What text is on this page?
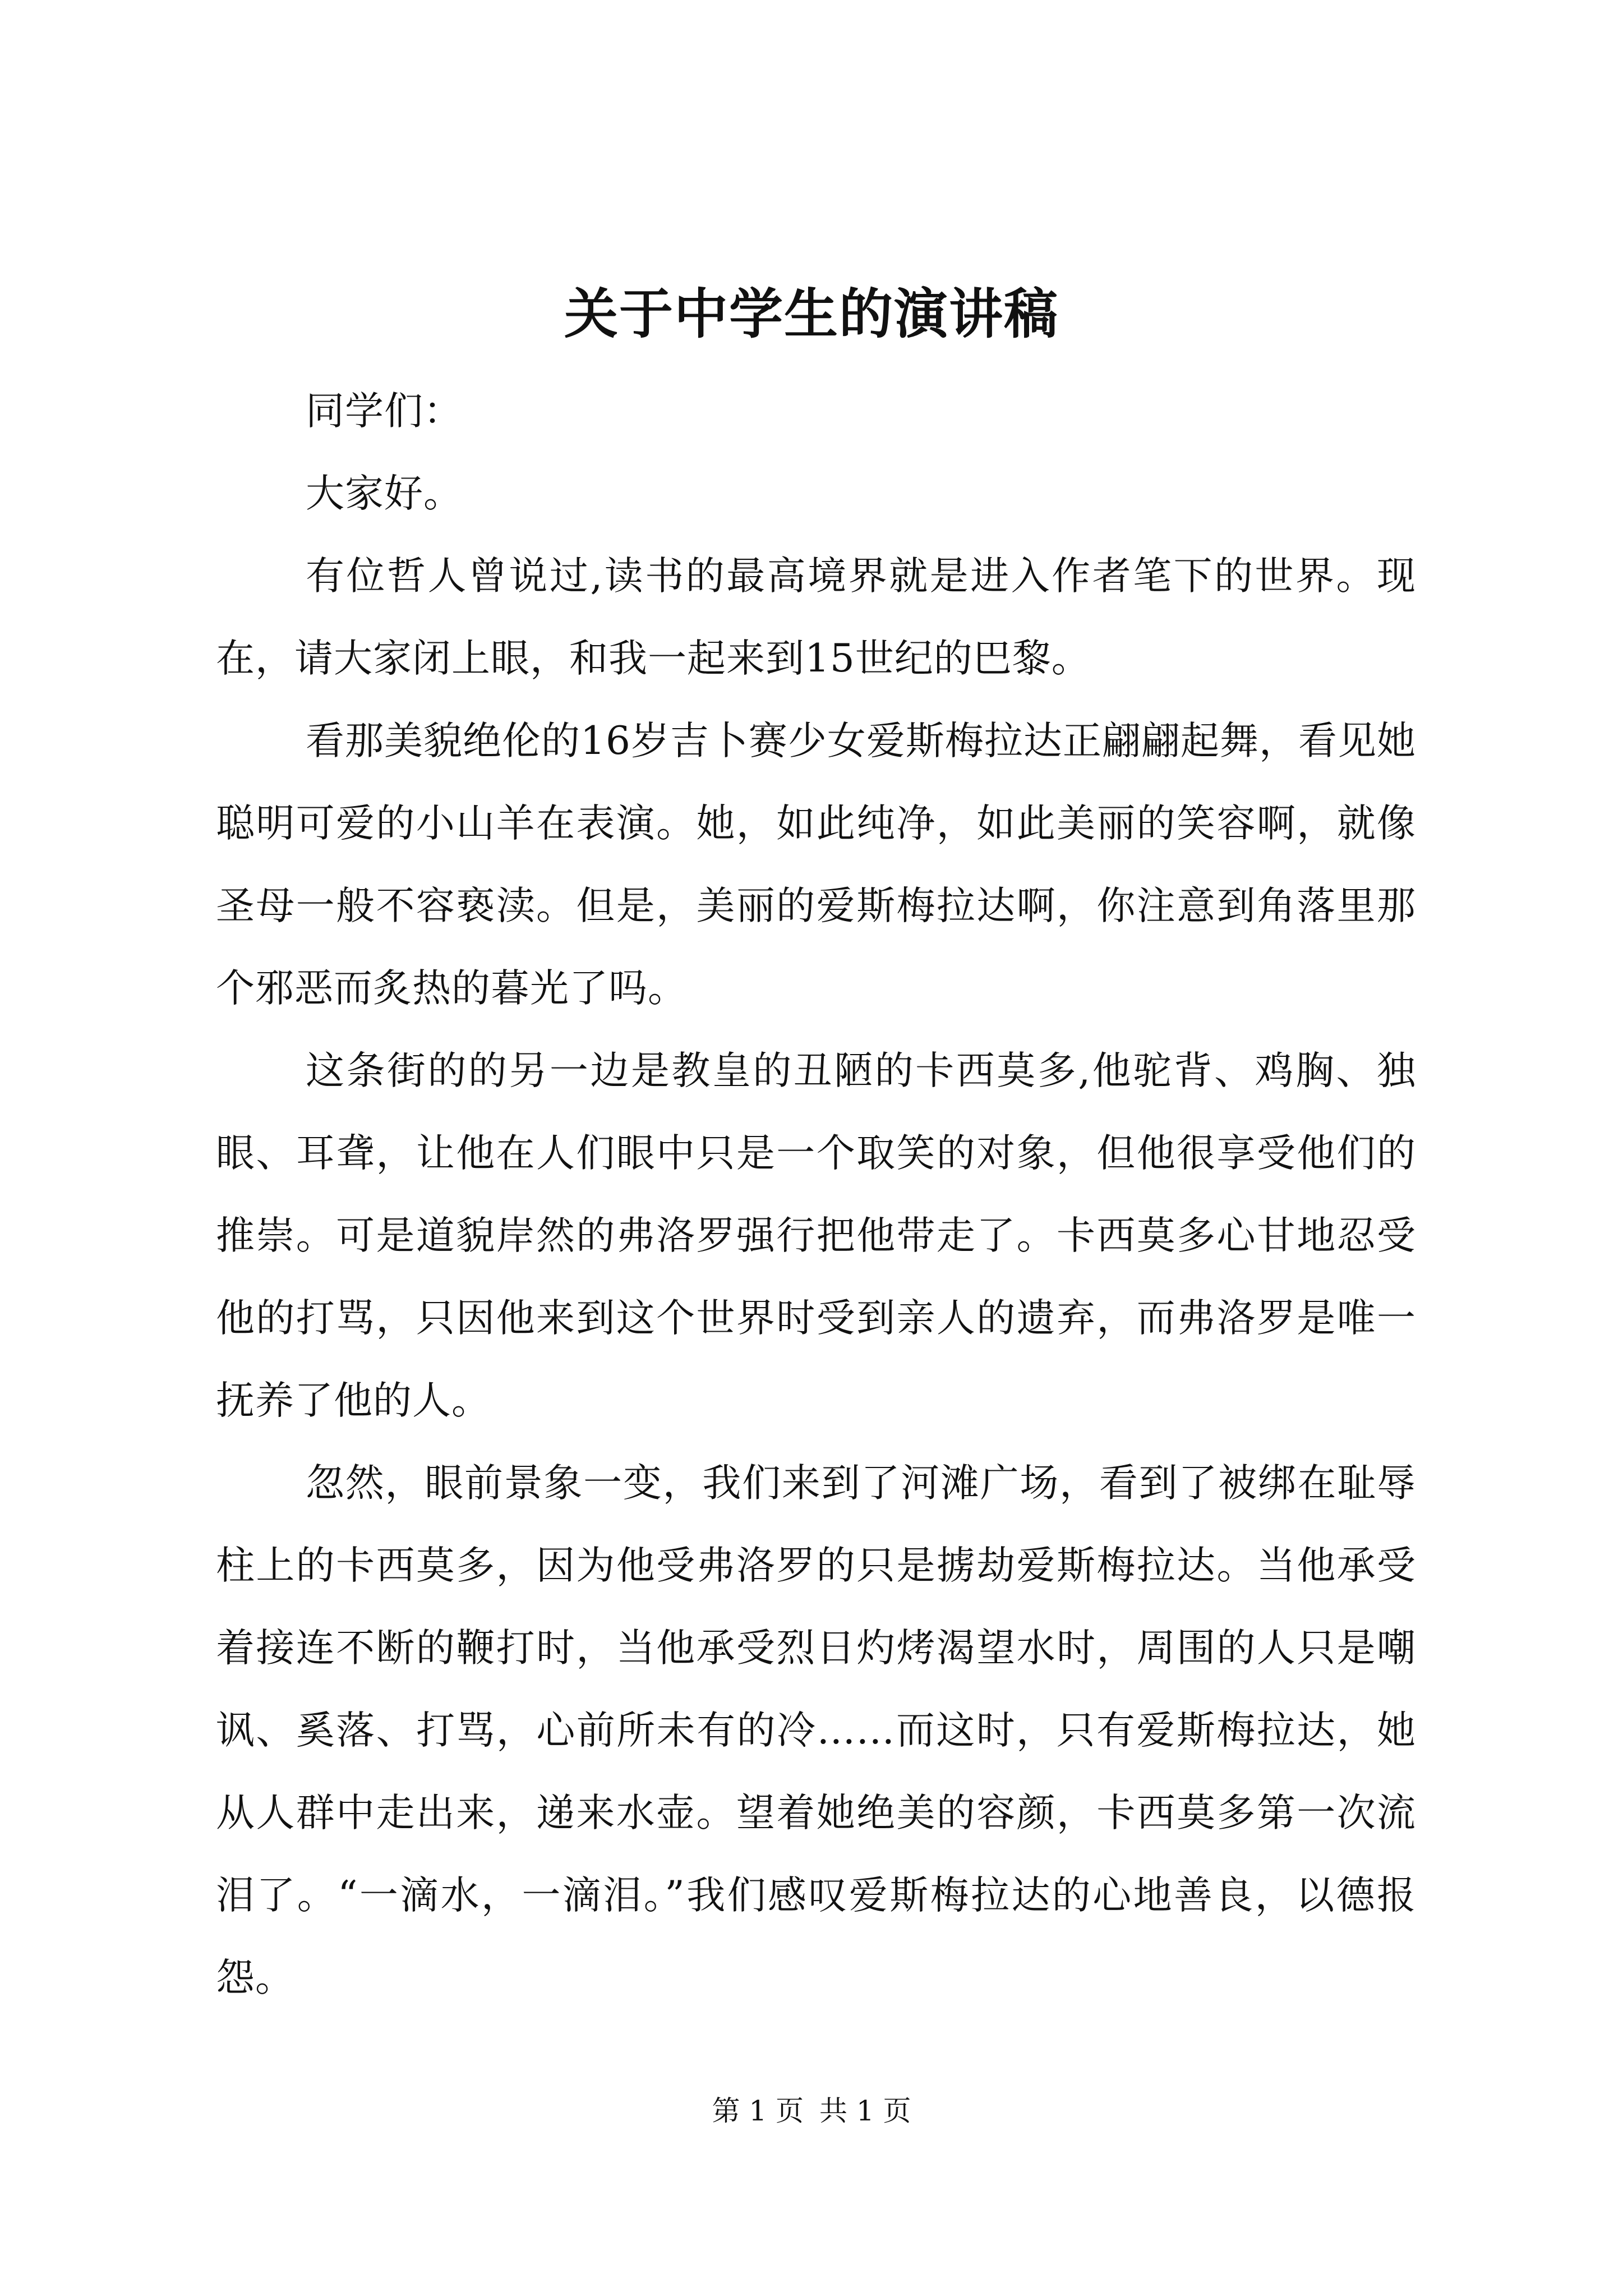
关于中学生的演讲稿

同学们：

大家好。

有位哲人曾说过,读书的最高境界就是进入作者笔下的世界。现在，请大家闭上眼，和我一起来到15世纪的巴黎。

看那美貌绝伦的16岁吉卜赛少女爱斯梅拉达正翩翩起舞，看见她聪明可爱的小山羊在表演。她，如此纯净，如此美丽的笑容啊，就像圣母一般不容亵渎。但是，美丽的爱斯梅拉达啊，你注意到角落里那个邪恶而炙热的暮光了吗。

这条街的的另一边是教皇的丑陋的卡西莫多,他驼背、鸡胸、独眼、耳聋，让他在人们眼中只是一个取笑的对象，但他很享受他们的推崇。可是道貌岸然的弗洛罗强行把他带走了。卡西莫多心甘地忍受他的打骂，只因他来到这个世界时受到亲人的遗弃，而弗洛罗是唯一抚养了他的人。

忽然，眼前景象一变，我们来到了河滩广场，看到了被绑在耻辱柱上的卡西莫多，因为他受弗洛罗的只是掳劫爱斯梅拉达。当他承受着接连不断的鞭打时，当他承受烈日灼烤渴望水时，周围的人只是嘲讽、奚落、打骂，心前所未有的冷……而这时，只有爱斯梅拉达，她从人群中走出来，递来水壶。望着她绝美的容颜，卡西莫多第一次流泪了。“一滴水，一滴泪。”我们感叹爱斯梅拉达的心地善良，以德报怨。

第 1 页 共 1 页
